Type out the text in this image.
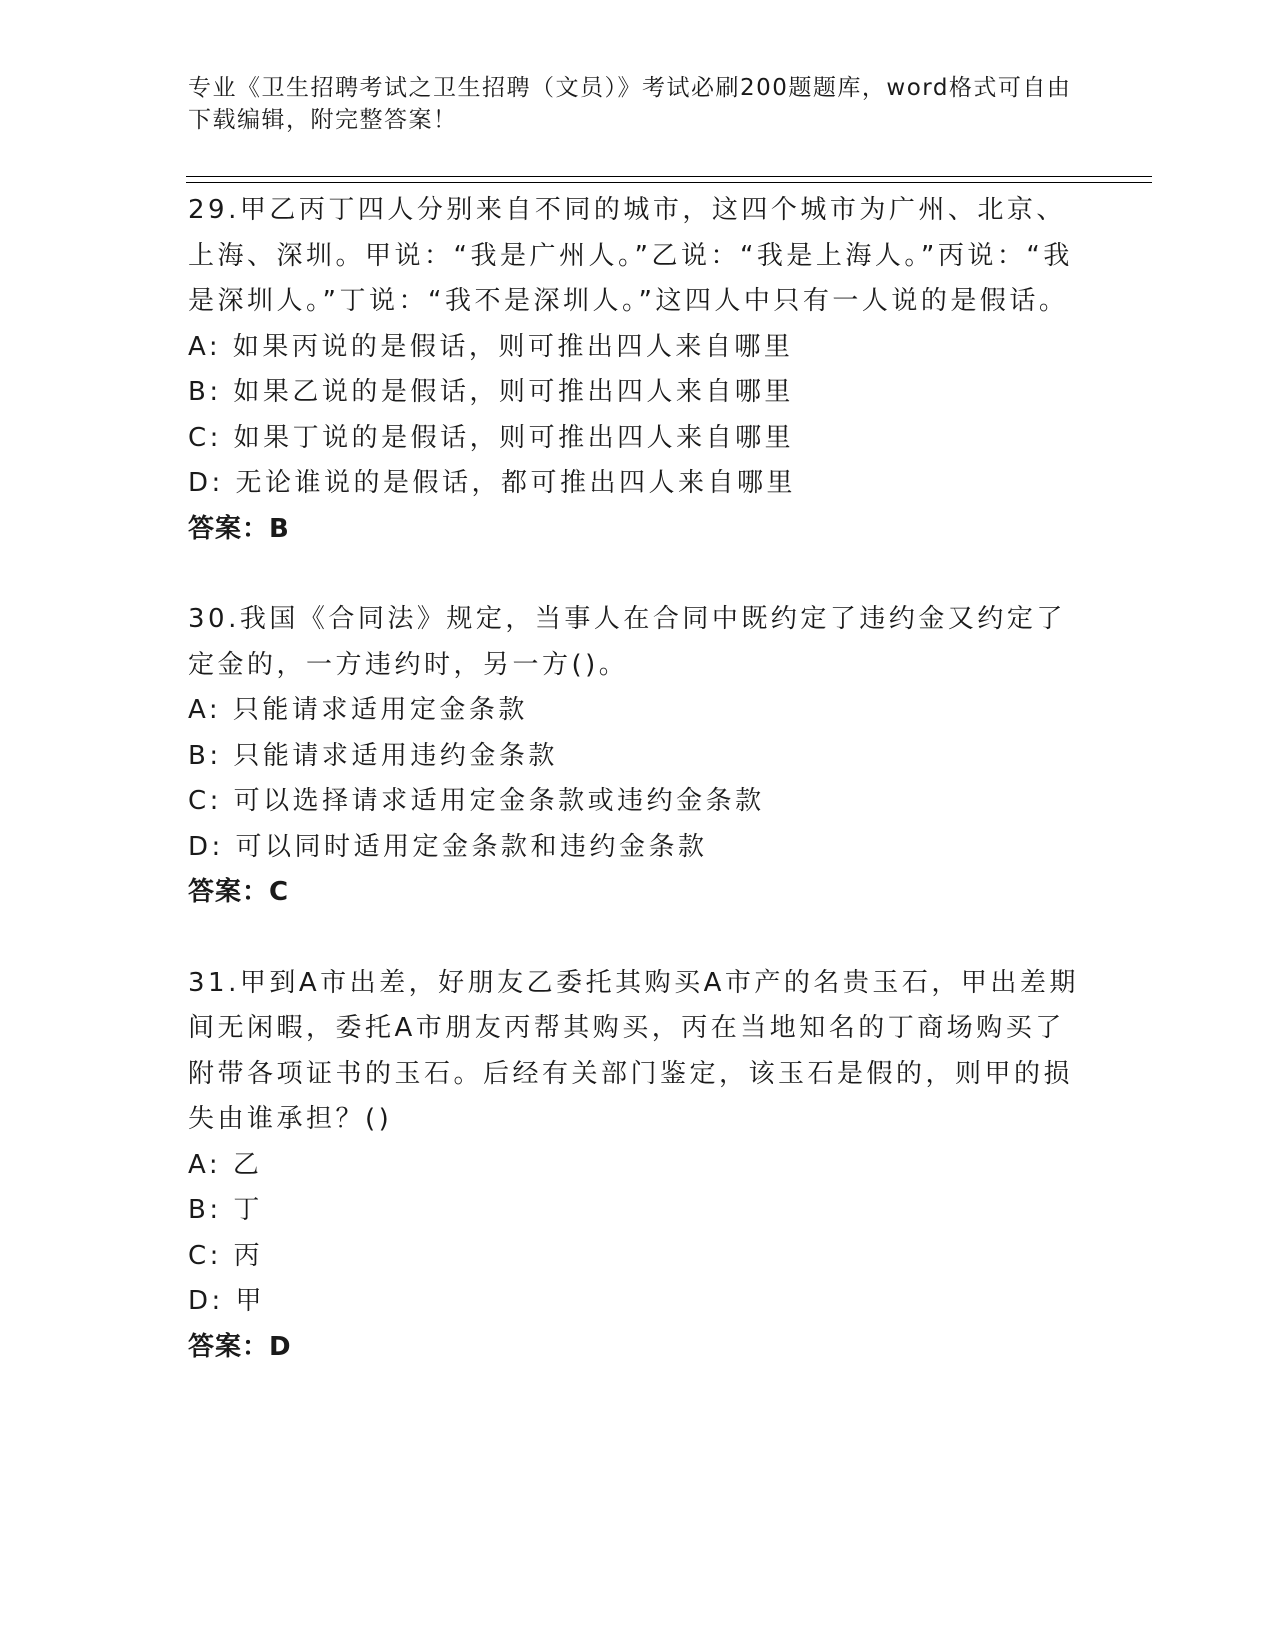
专业《卫生招聘考试之卫生招聘（文员）》考试必刷200题题库，word格式可自由下载编辑，附完整答案！

29.甲乙丙丁四人分别来自不同的城市，这四个城市为广州、北京、上海、深圳。甲说：“我是广州人。”乙说：“我是上海人。”丙说：“我是深圳人。”丁说：“我不是深圳人。”这四人中只有一人说的是假话。

A: 如果丙说的是假话，则可推出四人来自哪里

B: 如果乙说的是假话，则可推出四人来自哪里

C: 如果丁说的是假话，则可推出四人来自哪里

D: 无论谁说的是假话，都可推出四人来自哪里

答案：B

30.我国《合同法》规定，当事人在合同中既约定了违约金又约定了定金的，一方违约时，另一方()。

A: 只能请求适用定金条款

B: 只能请求适用违约金条款

C: 可以选择请求适用定金条款或违约金条款

D: 可以同时适用定金条款和违约金条款

答案：C

31.甲到A市出差，好朋友乙委托其购买A市产的名贵玉石，甲出差期间无闲暇，委托A市朋友丙帮其购买，丙在当地知名的丁商场购买了附带各项证书的玉石。后经有关部门鉴定，该玉石是假的，则甲的损失由谁承担？()

A: 乙

B: 丁

C: 丙

D: 甲

答案：D
